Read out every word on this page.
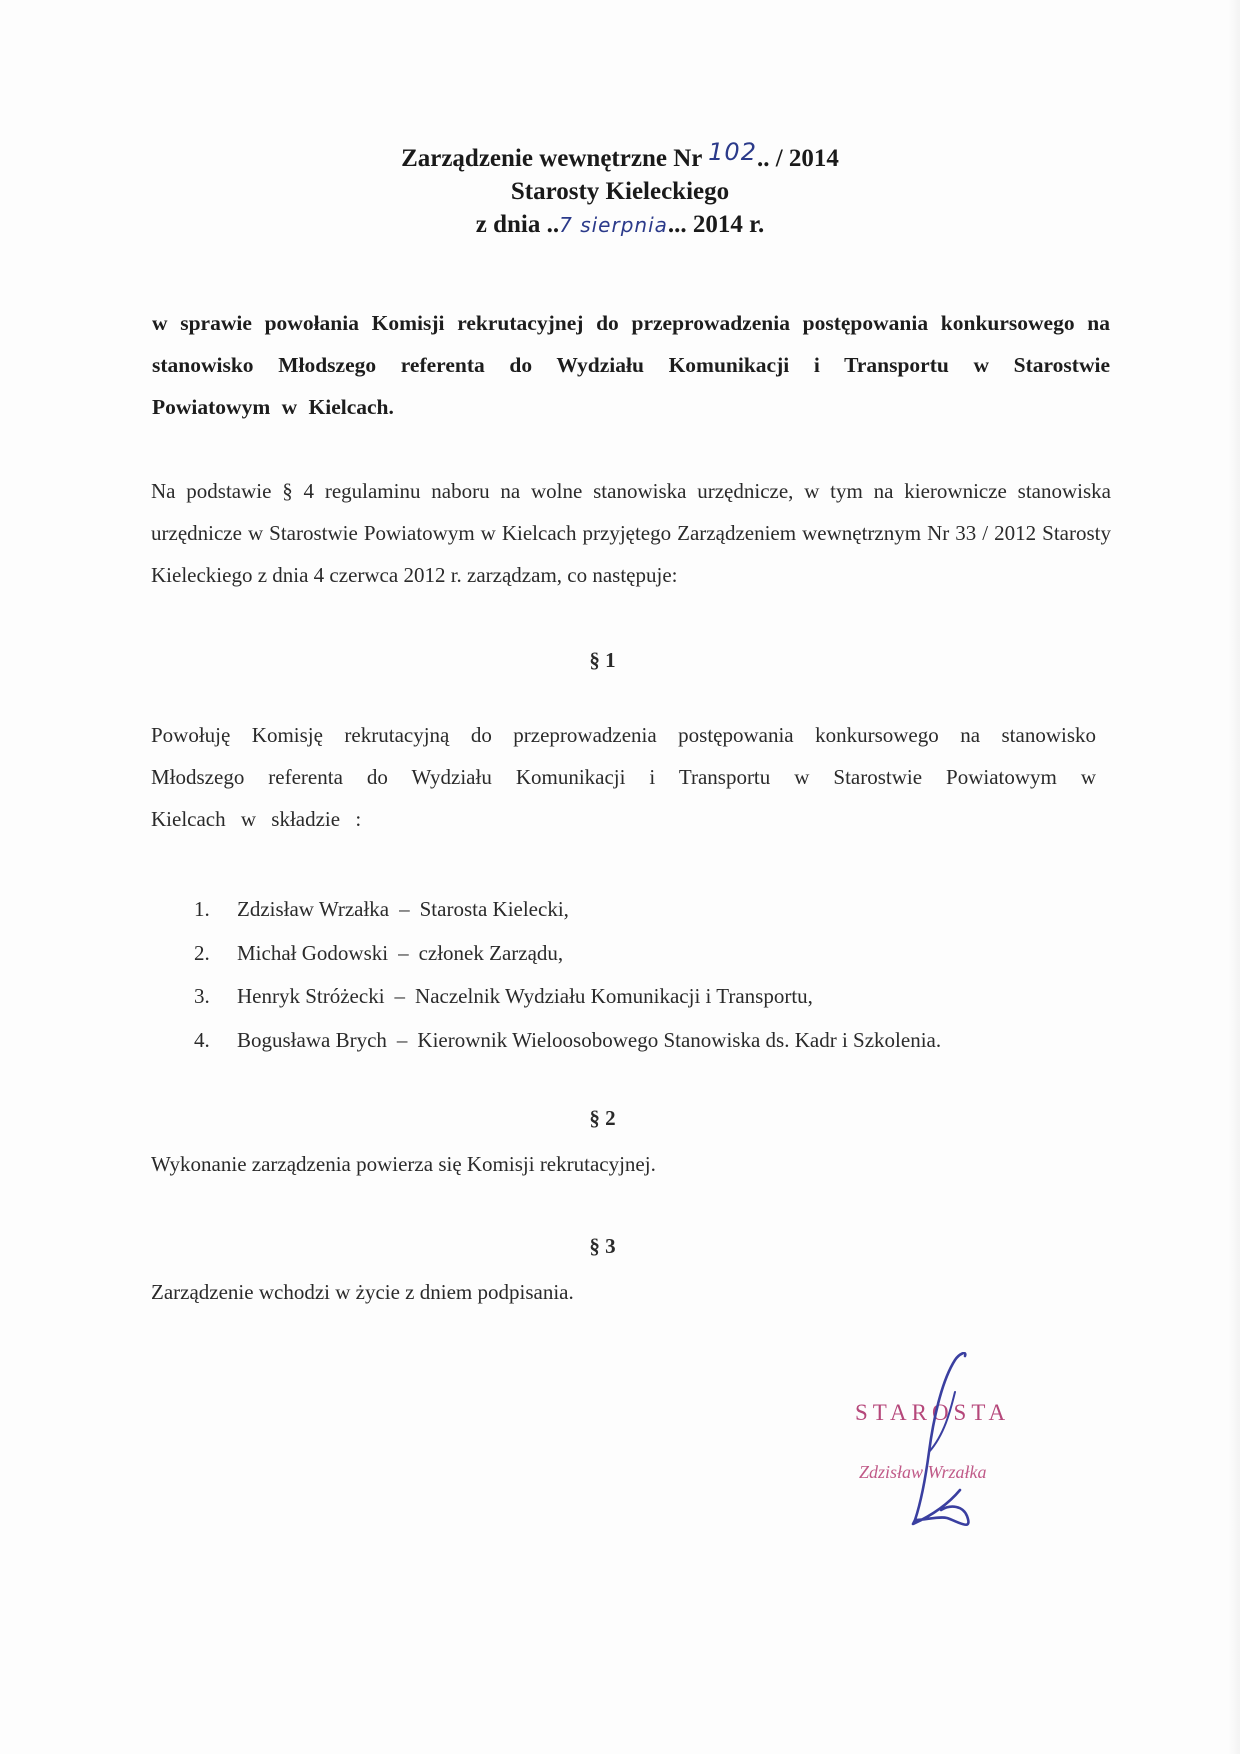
Zarządzenie wewnętrzne Nr 102.. / 2014
Starosty Kieleckiego
z dnia ..7 sierpnia... 2014 r.
w sprawie powołania Komisji rekrutacyjnej do przeprowadzenia postępowania konkursowego na stanowisko Młodszego referenta do Wydziału Komunikacji i Transportu w Starostwie Powiatowym w Kielcach.
Na podstawie § 4 regulaminu naboru na wolne stanowiska urzędnicze, w tym na kierownicze stanowiska urzędnicze w Starostwie Powiatowym w Kielcach przyjętego Zarządzeniem wewnętrznym Nr 33 / 2012 Starosty Kieleckiego z dnia 4 czerwca 2012 r. zarządzam, co następuje:
§ 1
Powołuję Komisję rekrutacyjną do przeprowadzenia postępowania konkursowego na stanowisko Młodszego referenta do Wydziału Komunikacji i Transportu w Starostwie Powiatowym w Kielcach w składzie :
1. Zdzisław Wrzałka – Starosta Kielecki,
2. Michał Godowski – członek Zarządu,
3. Henryk Stróżecki – Naczelnik Wydziału Komunikacji i Transportu,
4. Bogusława Brych – Kierownik Wieloosobowego Stanowiska ds. Kadr i Szkolenia.
§ 2
Wykonanie zarządzenia powierza się Komisji rekrutacyjnej.
§ 3
Zarządzenie wchodzi w życie z dniem podpisania.
STAROSTA
Zdzisław Wrzałka
